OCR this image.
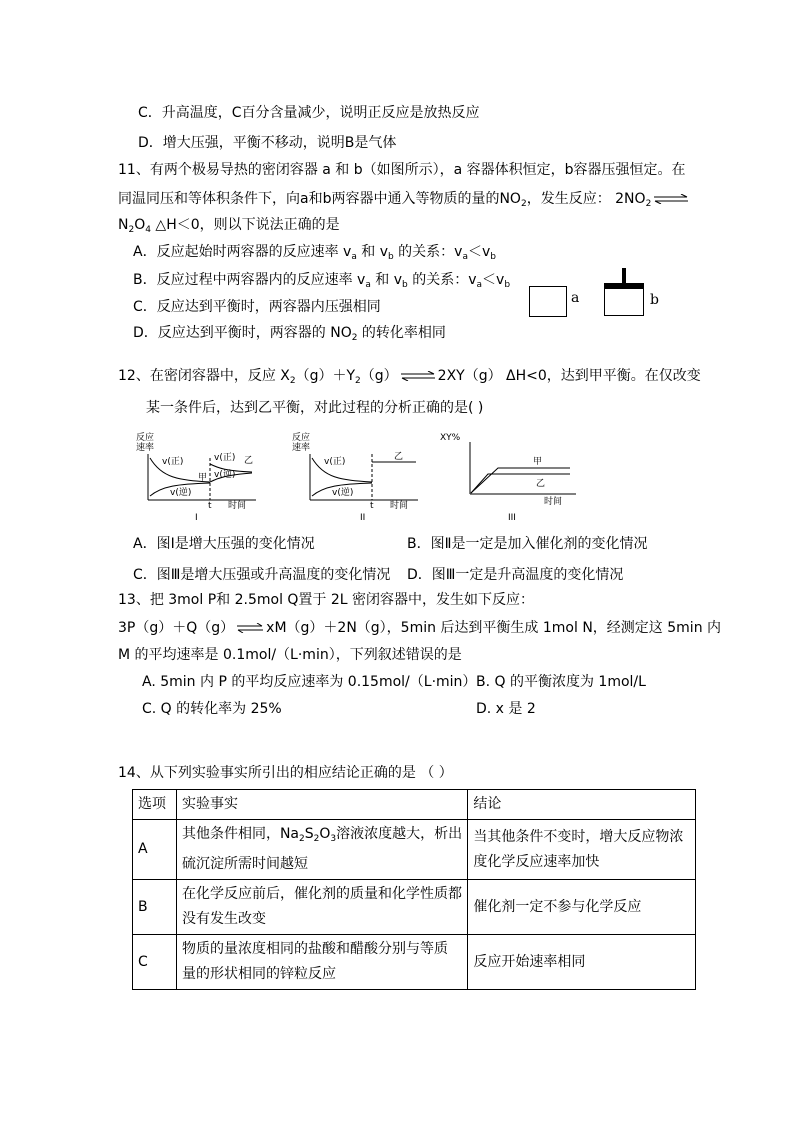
C．升高温度，C百分含量减少，说明正反应是放热反应
D．增大压强，平衡不移动，说明B是气体
11、有两个极易导热的密闭容器 a 和 b（如图所示），a 容器体积恒定，b容器压强恒定。在
同温同压和等体积条件下，向a和b两容器中通入等物质的量的$NO_2$，发生反应： $2NO_2$ ⇌
$N_2O_4$ △H＜0，则以下说法正确的是
A．反应起始时两容器的反应速率 $v_a$ 和 $v_b$ 的关系：$v_a<v_b$
B．反应过程中两容器内的反应速率 $v_a$ 和 $v_b$ 的关系：$v_a<v_b$
C．反应达到平衡时，两容器内压强相同
D．反应达到平衡时，两容器的 $NO_2$ 的转化率相同
a	b
12、在密闭容器中，反应 $X_2(g)+Y_2(g)$ ⇌ 2XY（g） ΔH<0，达到甲平衡。在仅改变
某一条件后，达到乙平衡，对此过程的分析正确的是( )
反应
速率
v(正)
v(逆)
甲
v(正)
v(逆)
乙
t 时间
I
反应
速率
v(正)
v(逆)
乙
t 时间
II
XY%
甲
乙
时间
III
A．图Ⅰ是增大压强的变化情况	B．图Ⅱ是一定是加入催化剂的变化情况
C．图Ⅲ是增大压强或升高温度的变化情况 D．图Ⅲ一定是升高温度的变化情况
13、把 3mol P和 2.5mol Q置于 2L 密闭容器中，发生如下反应：
3P（g）＋Q（g） ⇌ xM（g）＋2N（g），5min 后达到平衡生成 1mol N，经测定这 5min 内
M 的平均速率是 0.1mol/（L·min），下列叙述错误的是
A. 5min 内 P 的平均反应速率为 0.15mol/（L·min） B. Q 的平衡浓度为 1mol/L
C. Q 的转化率为 25%	D. x 是 2
14、从下列实验事实所引出的相应结论正确的是 （ ）
选项	实验事实	结论
A	其他条件相同，$Na_2S_2O_3$溶液浓度越大，析出
硫沉淀所需时间越短	当其他条件不变时，增大反应物浓
度化学反应速率加快
B	在化学反应前后，催化剂的质量和化学性质都
没有发生改变	催化剂一定不参与化学反应
C	物质的量浓度相同的盐酸和醋酸分别与等质
量的形状相同的锌粒反应	反应开始速率相同
